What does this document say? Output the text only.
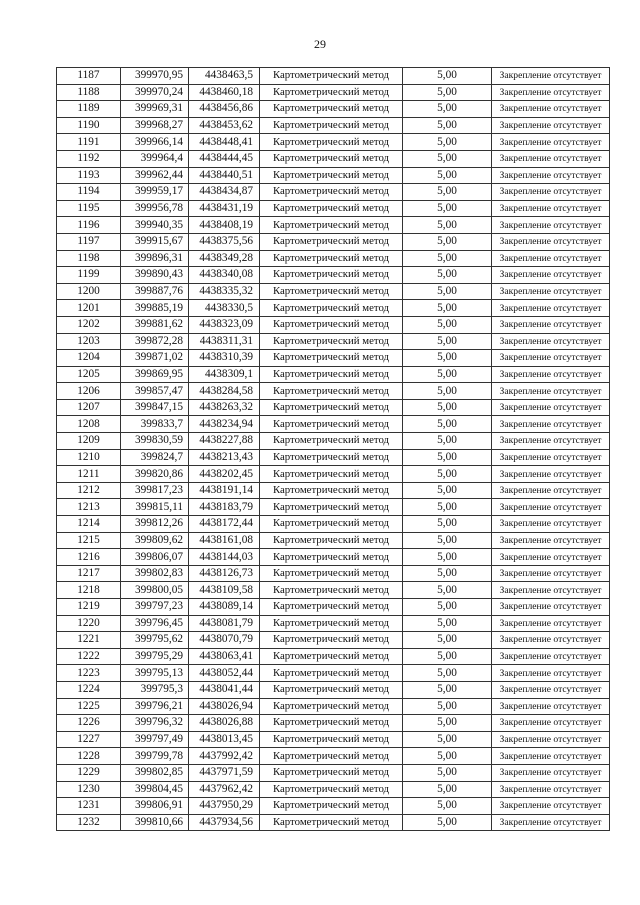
29
1187	399970,95	4438463,5	Картометрический метод	5,00	Закрепление отсутствует
1188	399970,24	4438460,18	Картометрический метод	5,00	Закрепление отсутствует
1189	399969,31	4438456,86	Картометрический метод	5,00	Закрепление отсутствует
1190	399968,27	4438453,62	Картометрический метод	5,00	Закрепление отсутствует
1191	399966,14	4438448,41	Картометрический метод	5,00	Закрепление отсутствует
1192	399964,4	4438444,45	Картометрический метод	5,00	Закрепление отсутствует
1193	399962,44	4438440,51	Картометрический метод	5,00	Закрепление отсутствует
1194	399959,17	4438434,87	Картометрический метод	5,00	Закрепление отсутствует
1195	399956,78	4438431,19	Картометрический метод	5,00	Закрепление отсутствует
1196	399940,35	4438408,19	Картометрический метод	5,00	Закрепление отсутствует
1197	399915,67	4438375,56	Картометрический метод	5,00	Закрепление отсутствует
1198	399896,31	4438349,28	Картометрический метод	5,00	Закрепление отсутствует
1199	399890,43	4438340,08	Картометрический метод	5,00	Закрепление отсутствует
1200	399887,76	4438335,32	Картометрический метод	5,00	Закрепление отсутствует
1201	399885,19	4438330,5	Картометрический метод	5,00	Закрепление отсутствует
1202	399881,62	4438323,09	Картометрический метод	5,00	Закрепление отсутствует
1203	399872,28	4438311,31	Картометрический метод	5,00	Закрепление отсутствует
1204	399871,02	4438310,39	Картометрический метод	5,00	Закрепление отсутствует
1205	399869,95	4438309,1	Картометрический метод	5,00	Закрепление отсутствует
1206	399857,47	4438284,58	Картометрический метод	5,00	Закрепление отсутствует
1207	399847,15	4438263,32	Картометрический метод	5,00	Закрепление отсутствует
1208	399833,7	4438234,94	Картометрический метод	5,00	Закрепление отсутствует
1209	399830,59	4438227,88	Картометрический метод	5,00	Закрепление отсутствует
1210	399824,7	4438213,43	Картометрический метод	5,00	Закрепление отсутствует
1211	399820,86	4438202,45	Картометрический метод	5,00	Закрепление отсутствует
1212	399817,23	4438191,14	Картометрический метод	5,00	Закрепление отсутствует
1213	399815,11	4438183,79	Картометрический метод	5,00	Закрепление отсутствует
1214	399812,26	4438172,44	Картометрический метод	5,00	Закрепление отсутствует
1215	399809,62	4438161,08	Картометрический метод	5,00	Закрепление отсутствует
1216	399806,07	4438144,03	Картометрический метод	5,00	Закрепление отсутствует
1217	399802,83	4438126,73	Картометрический метод	5,00	Закрепление отсутствует
1218	399800,05	4438109,58	Картометрический метод	5,00	Закрепление отсутствует
1219	399797,23	4438089,14	Картометрический метод	5,00	Закрепление отсутствует
1220	399796,45	4438081,79	Картометрический метод	5,00	Закрепление отсутствует
1221	399795,62	4438070,79	Картометрический метод	5,00	Закрепление отсутствует
1222	399795,29	4438063,41	Картометрический метод	5,00	Закрепление отсутствует
1223	399795,13	4438052,44	Картометрический метод	5,00	Закрепление отсутствует
1224	399795,3	4438041,44	Картометрический метод	5,00	Закрепление отсутствует
1225	399796,21	4438026,94	Картометрический метод	5,00	Закрепление отсутствует
1226	399796,32	4438026,88	Картометрический метод	5,00	Закрепление отсутствует
1227	399797,49	4438013,45	Картометрический метод	5,00	Закрепление отсутствует
1228	399799,78	4437992,42	Картометрический метод	5,00	Закрепление отсутствует
1229	399802,85	4437971,59	Картометрический метод	5,00	Закрепление отсутствует
1230	399804,45	4437962,42	Картометрический метод	5,00	Закрепление отсутствует
1231	399806,91	4437950,29	Картометрический метод	5,00	Закрепление отсутствует
1232	399810,66	4437934,56	Картометрический метод	5,00	Закрепление отсутствует
